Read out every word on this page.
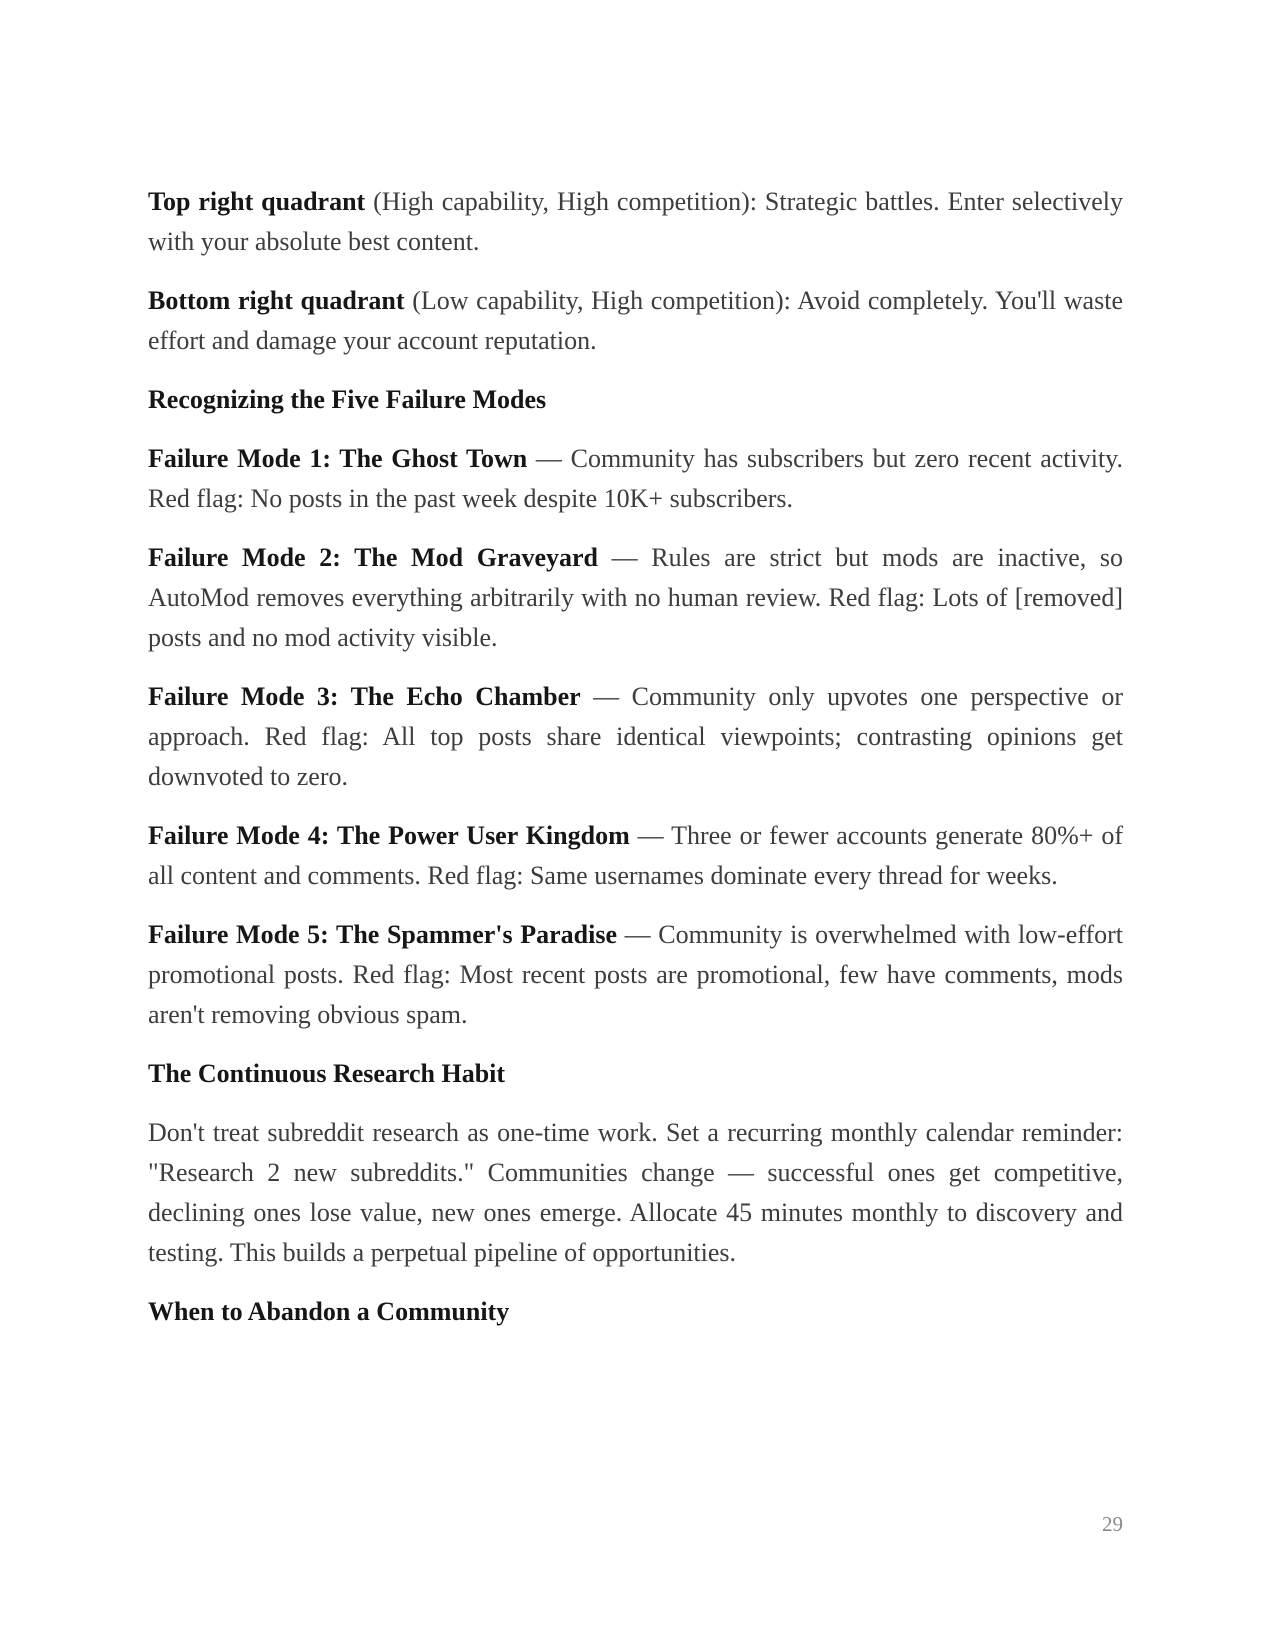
Top right quadrant (High capability, High competition): Strategic battles. Enter selectively with your absolute best content.

Bottom right quadrant (Low capability, High competition): Avoid completely. You'll waste effort and damage your account reputation.

Recognizing the Five Failure Modes

Failure Mode 1: The Ghost Town — Community has subscribers but zero recent activity. Red flag: No posts in the past week despite 10K+ subscribers.

Failure Mode 2: The Mod Graveyard — Rules are strict but mods are inactive, so AutoMod removes everything arbitrarily with no human review. Red flag: Lots of [removed] posts and no mod activity visible.

Failure Mode 3: The Echo Chamber — Community only upvotes one perspective or approach. Red flag: All top posts share identical viewpoints; contrasting opinions get downvoted to zero.

Failure Mode 4: The Power User Kingdom — Three or fewer accounts generate 80%+ of all content and comments. Red flag: Same usernames dominate every thread for weeks.

Failure Mode 5: The Spammer's Paradise — Community is overwhelmed with low-effort promotional posts. Red flag: Most recent posts are promotional, few have comments, mods aren't removing obvious spam.

The Continuous Research Habit

Don't treat subreddit research as one-time work. Set a recurring monthly calendar reminder: "Research 2 new subreddits." Communities change — successful ones get competitive, declining ones lose value, new ones emerge. Allocate 45 minutes monthly to discovery and testing. This builds a perpetual pipeline of opportunities.

When to Abandon a Community
29
